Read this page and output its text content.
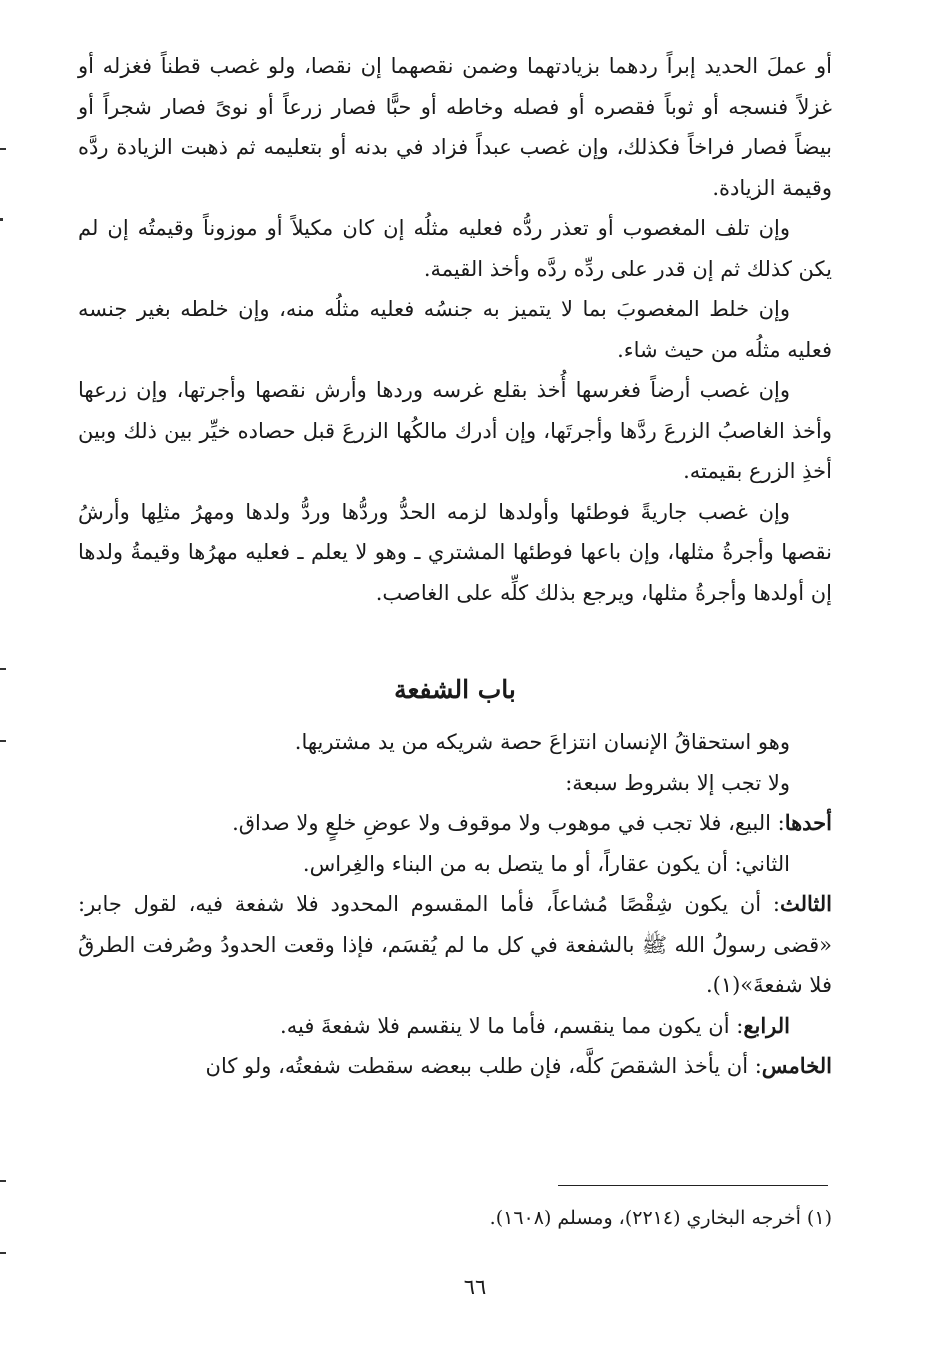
أو عملَ الحديد إبراً ردهما بزيادتهما وضمن نقصهما إن نقصا، ولو غصب قطناً فغزله أو غزلاً فنسجه أو ثوباً فقصره أو فصله وخاطه أو حبًّا فصار زرعاً أو نوىً فصار شجراً أو بيضاً فصار فراخاً فكذلك، وإن غصب عبداً فزاد في بدنه أو بتعليمه ثم ذهبت الزيادة ردَّه وقيمة الزيادة.

وإن تلف المغصوب أو تعذر ردُّه فعليه مثلُه إن كان مكيلاً أو موزوناً وقيمتُه إن لم يكن كذلك ثم إن قدر على ردِّه ردَّه وأخذ القيمة.

وإن خلط المغصوبَ بما لا يتميز به جنسُه فعليه مثلُه منه، وإن خلطه بغير جنسه فعليه مثلُه من حيث شاء.

وإن غصب أرضاً فغرسها أُخذ بقلع غرسه وردها وأرش نقصها وأجرتها، وإن زرعها وأخذ الغاصبُ الزرعَ ردَّها وأجرتَها، وإن أدرك مالكُها الزرعَ قبل حصاده خيِّر بين ذلك وبين أخذِ الزرع بقيمته.

وإن غصب جاريةً فوطئها وأولدها لزمه الحدُّ وردُّها وردُّ ولدها ومهرُ مثلِها وأرشُ نقصها وأجرةُ مثلها، وإن باعها فوطئها المشتري ـ وهو لا يعلم ـ فعليه مهرُها وقيمةُ ولدها إن أولدها وأجرةُ مثلها، ويرجع بذلك كلِّه على الغاصب.

باب الشفعة

وهو استحقاقُ الإنسان انتزاعَ حصة شريكه من يد مشتريها.

ولا تجب إلا بشروط سبعة:

أحدها: البيع، فلا تجب في موهوب ولا موقوف ولا عوضِ خلعٍ ولا صداق.

الثاني: أن يكون عقاراً، أو ما يتصل به من البناء والغِراس.

الثالث: أن يكون شِقْصًا مُشاعاً، فأما المقسوم المحدود فلا شفعة فيه، لقول جابر: «قضى رسولُ الله ﷺ بالشفعة في كل ما لم يُقسَم، فإذا وقعت الحدودُ وصُرفت الطرقُ فلا شفعةَ»(١).

الرابع: أن يكون مما ينقسم، فأما ما لا ينقسم فلا شفعةَ فيه.

الخامس: أن يأخذ الشقصَ كلَّه، فإن طلب ببعضه سقطت شفعتُه، ولو كان

(١) أخرجه البخاري (٢٢١٤)، ومسلم (١٦٠٨).
٦٦
